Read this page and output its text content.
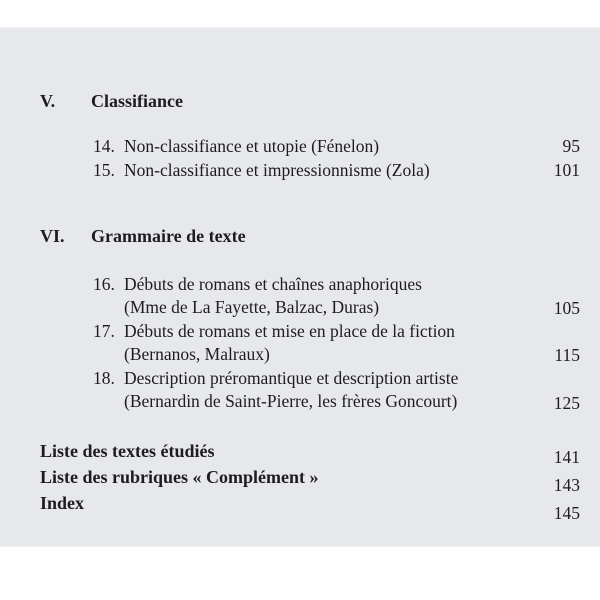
V. Classifiance
14. Non-classifiance et utopie (Fénelon)	95
15. Non-classifiance et impressionnisme (Zola)	101
VI. Grammaire de texte
16. Débuts de romans et chaînes anaphoriques
(Mme de La Fayette, Balzac, Duras)	105
17. Débuts de romans et mise en place de la fiction
(Bernanos, Malraux)	115
18. Description préromantique et description artiste
(Bernardin de Saint-Pierre, les frères Goncourt)	125
Liste des textes étudiés	141
Liste des rubriques « Complément »	143
Index	145
